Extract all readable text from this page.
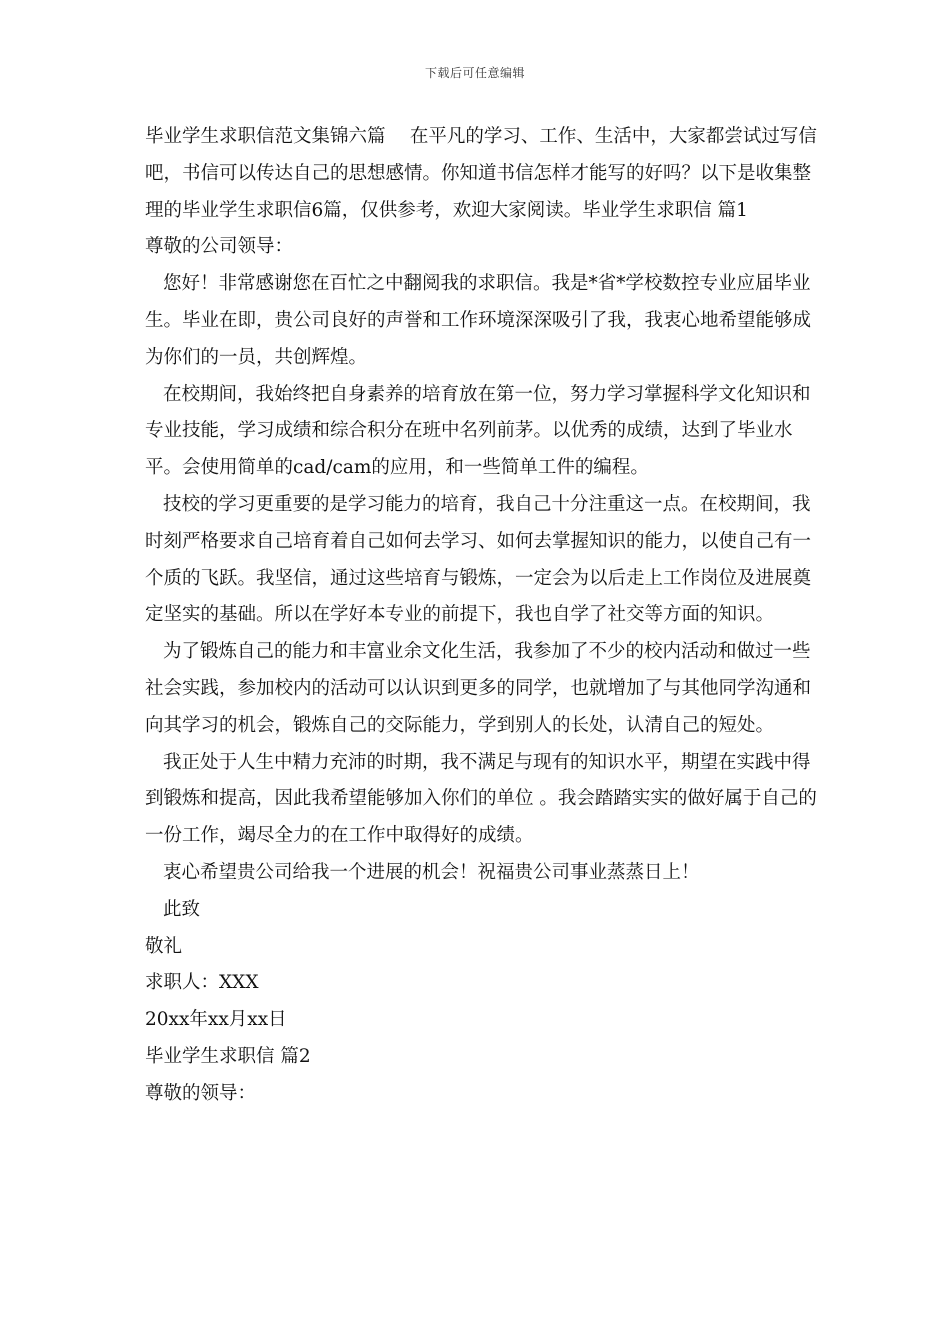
下载后可任意编辑

毕业学生求职信范文集锦六篇　 在平凡的学习、工作、生活中，大家都尝试过写信吧，书信可以传达自己的思想感情。你知道书信怎样才能写的好吗？以下是收集整理的毕业学生求职信6篇，仅供参考，欢迎大家阅读。毕业学生求职信 篇1

尊敬的公司领导：

您好！非常感谢您在百忙之中翻阅我的求职信。我是*省*学校数控专业应届毕业生。毕业在即，贵公司良好的声誉和工作环境深深吸引了我，我衷心地希望能够成为你们的一员，共创辉煌。

在校期间，我始终把自身素养的培育放在第一位，努力学习掌握科学文化知识和专业技能，学习成绩和综合积分在班中名列前茅。以优秀的成绩，达到了毕业水平。会使用简单的cad/cam的应用，和一些简单工件的编程。

技校的学习更重要的是学习能力的培育，我自己十分注重这一点。在校期间，我时刻严格要求自己培育着自己如何去学习、如何去掌握知识的能力，以使自己有一个质的飞跃。我坚信，通过这些培育与锻炼，一定会为以后走上工作岗位及进展奠定坚实的基础。所以在学好本专业的前提下，我也自学了社交等方面的知识。

为了锻炼自己的能力和丰富业余文化生活，我参加了不少的校内活动和做过一些社会实践，参加校内的活动可以认识到更多的同学，也就增加了与其他同学沟通和向其学习的机会，锻炼自己的交际能力，学到别人的长处，认清自己的短处。

我正处于人生中精力充沛的时期，我不满足与现有的知识水平，期望在实践中得到锻炼和提高，因此我希望能够加入你们的单位 。我会踏踏实实的做好属于自己的一份工作，竭尽全力的在工作中取得好的成绩。

衷心希望贵公司给我一个进展的机会！祝福贵公司事业蒸蒸日上！

此致

敬礼

求职人：XXX

20xx年xx月xx日

毕业学生求职信 篇2

尊敬的领导：
